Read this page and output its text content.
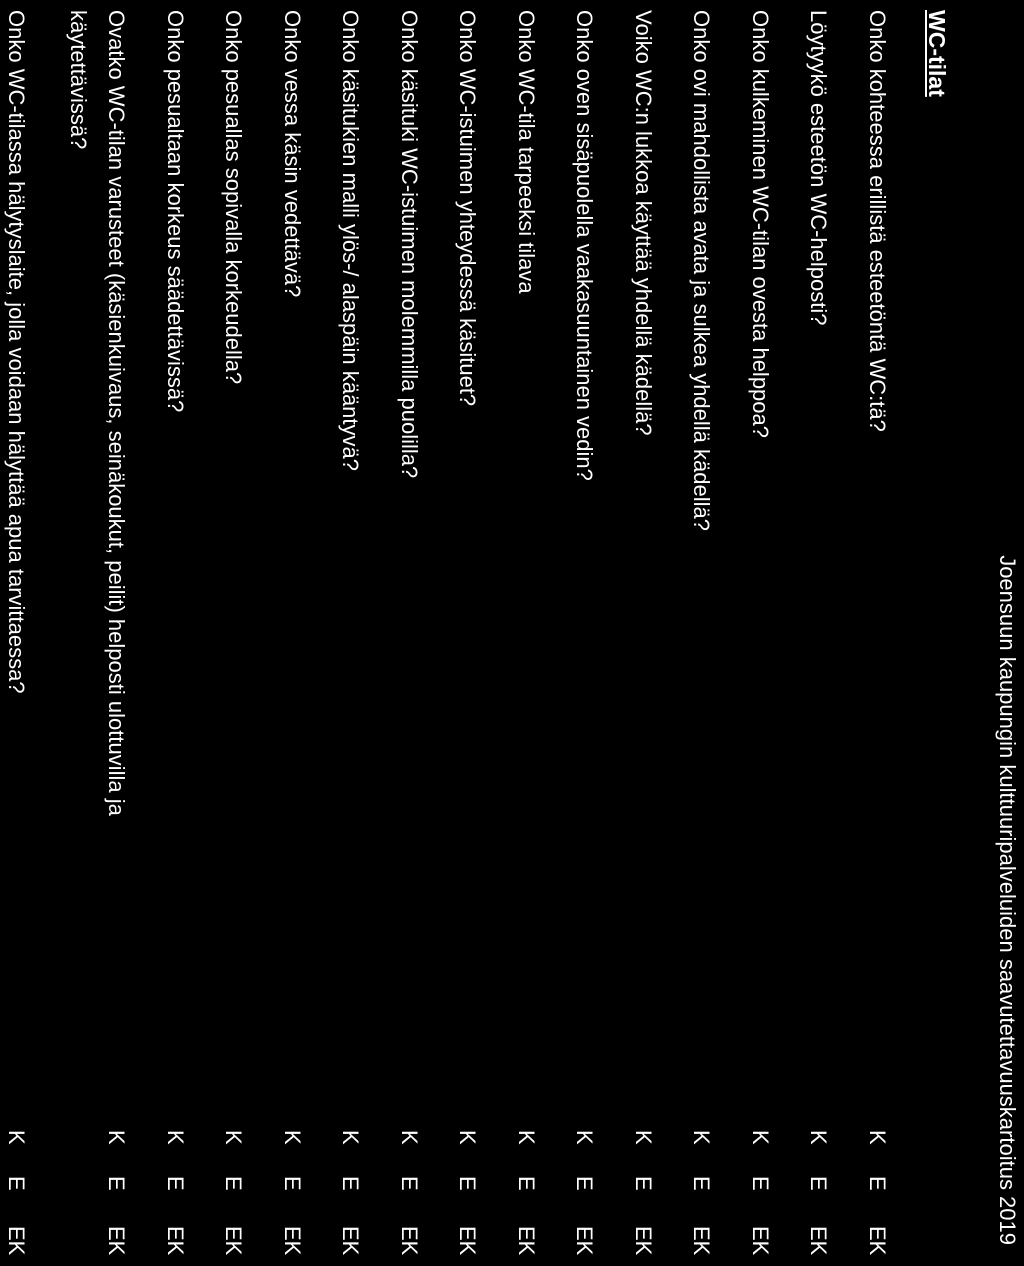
Joensuun kaupungin kulttuuripalveluiden saavutettavuuskartoitus 2019
WC-tilat
Onko kohteessa erillistä esteetöntä WC:tä?
KEEK
Löytyykö esteetön WC-helposti?
KEEK
Onko kulkeminen WC-tilan ovesta helppoa?
KEEK
Onko ovi mahdollista avata ja sulkea yhdellä kädellä?
KEEK
Voiko WC:n lukkoa käyttää yhdellä kädellä?
KEEK
Onko oven sisäpuolella vaakasuuntainen vedin?
KEEK
Onko WC-tila tarpeeksi tilava
KEEK
Onko WC-istuimen yhteydessä käsituet?
KEEK
Onko käsituki WC-istuimen molemmilla puolilla?
KEEK
Onko käsitukien malli ylös-/ alaspäin kääntyvä?
KEEK
Onko vessa käsin vedettävä?
KEEK
Onko pesuallas sopivalla korkeudella?
KEEK
Onko pesualtaan korkeus säädettävissä?
KEEK
Ovatko WC-tilan varusteet (käsienkuivaus, seinäkoukut, peilit) helposti ulottuvilla ja käytettävissä?
KEEK
Onko WC-tilassa hälytyslaite, jolla voidaan hälyttää apua tarvittaessa?
KEEK
